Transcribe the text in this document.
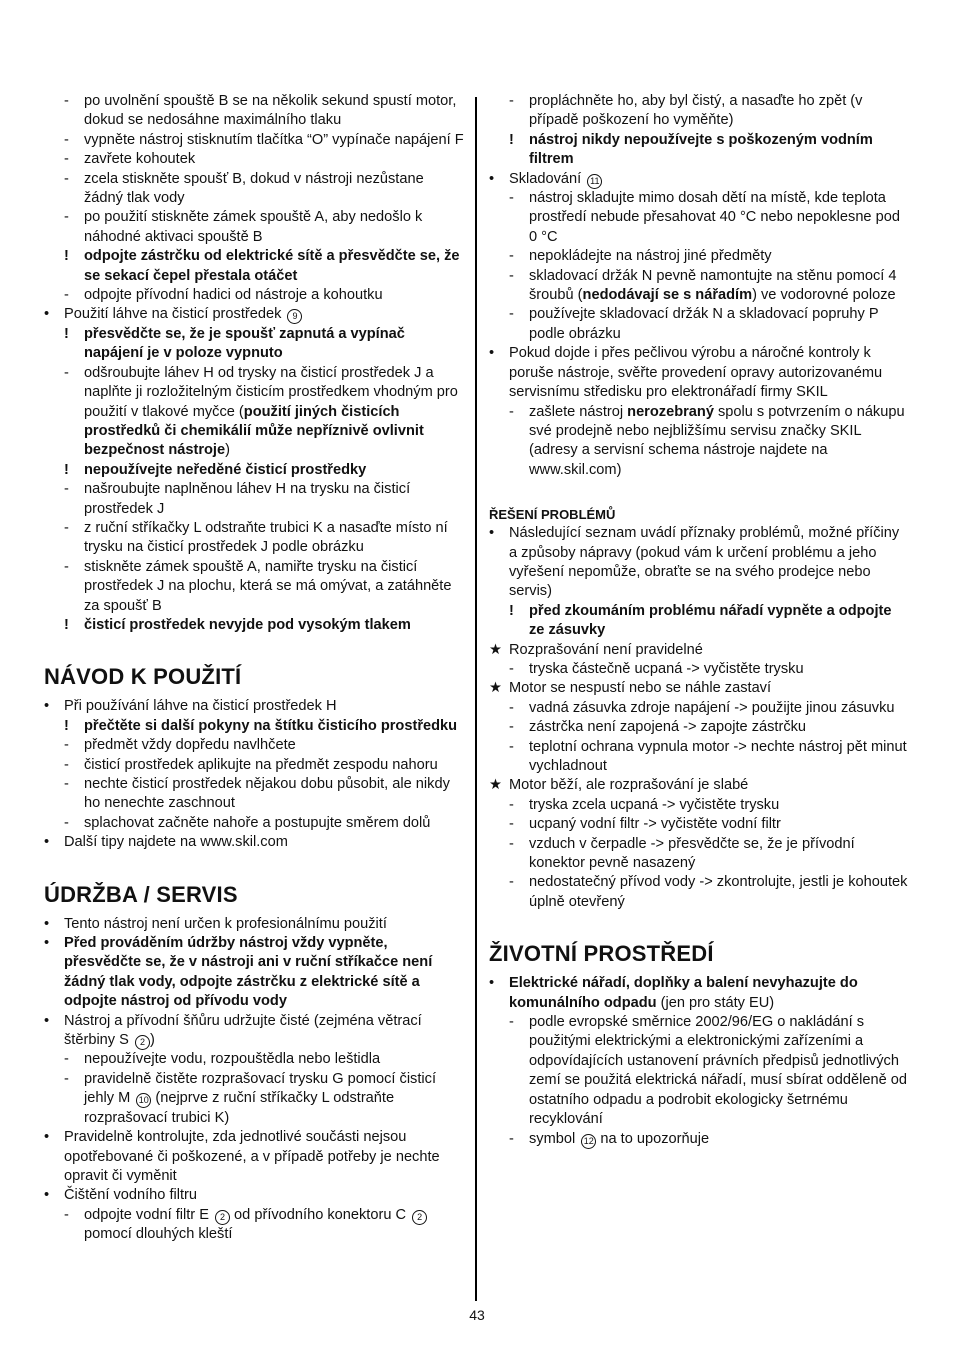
-	po uvolnění spouště B se na několik sekund spustí motor, dokud se nedosáhne maximálního tlaku
-	vypněte nástroj stisknutím tlačítka “O” vypínače napájení F
-	zavřete kohoutek
-	zcela stiskněte spoušť B, dokud v nástroji nezůstane žádný tlak vody
-	po použití stiskněte zámek spouště A, aby nedošlo k náhodné aktivaci spouště B
!	odpojte zástrčku od elektrické sítě a přesvědčte se, že se sekací čepel přestala otáčet
-	odpojte přívodní hadici od nástroje a kohoutku
•	Použití láhve na čisticí prostředek 9
!	přesvědčte se, že je spoušť zapnutá a vypínač napájení je v poloze vypnuto
-	odšroubujte láhev H od trysky na čisticí prostředek J a naplňte ji rozložitelným čisticím prostředkem vhodným pro použití v tlakové myčce (použití jiných čisticích prostředků či chemikálií může nepříznivě ovlivnit bezpečnost nástroje)
!	nepoužívejte neředěné čisticí prostředky
-	našroubujte naplněnou láhev H na trysku na čisticí prostředek J
-	z ruční stříkačky L odstraňte trubici K a nasaďte místo ní trysku na čisticí prostředek J podle obrázku
-	stiskněte zámek spouště A, namiřte trysku na čisticí prostředek J na plochu, která se má omývat, a zatáhněte za spoušť B
!	čisticí prostředek nevyjde pod vysokým tlakem
NÁVOD K POUŽITÍ
•	Při používání láhve na čisticí prostředek H
!	přečtěte si další pokyny na štítku čisticího prostředku
-	předmět vždy dopředu navlhčete
-	čisticí prostředek aplikujte na předmět zespodu nahoru
-	nechte čisticí prostředek nějakou dobu působit, ale nikdy ho nenechte zaschnout
-	splachovat začněte nahoře a postupujte směrem dolů
•	Další tipy najdete na www.skil.com
ÚDRŽBA / SERVIS
•	Tento nástroj není určen k profesionálnímu použití
•	Před prováděním údržby nástroj vždy vypněte, přesvědčte se, že v nástroji ani v ruční stříkačce není žádný tlak vody, odpojte zástrčku z elektrické sítě a odpojte nástroj od přívodu vody
•	Nástroj a přívodní šňůru udržujte čisté (zejména větrací štěrbiny S 2 )
-	nepoužívejte vodu, rozpouštědla nebo leštidla
-	pravidelně čistěte rozprašovací trysku G pomocí čisticí jehly M 10 (nejprve z ruční stříkačky L odstraňte rozprašovací trubici K)
•	Pravidelně kontrolujte, zda jednotlivé součásti nejsou opotřebované či poškozené, a v případě potřeby je nechte opravit či vyměnit
•	Čištění vodního filtru
-	odpojte vodní filtr E 2 od přívodního konektoru C 2 pomocí dlouhých kleští
-	propláchněte ho, aby byl čistý, a nasaďte ho zpět (v případě poškození ho vyměňte)
!	nástroj nikdy nepoužívejte s poškozeným vodním filtrem
•	Skladování 11
-	nástroj skladujte mimo dosah dětí na místě, kde teplota prostředí nebude přesahovat 40 °C nebo nepoklesne pod 0 °C
-	nepokládejte na nástroj jiné předměty
-	skladovací držák N pevně namontujte na stěnu pomocí 4 šroubů (nedodávají se s nářadím) ve vodorovné poloze
-	používejte skladovací držák N a skladovací popruhy P podle obrázku
•	Pokud dojde i přes pečlivou výrobu a náročné kontroly k poruše nástroje, svěřte provedení opravy autorizovanému servisnímu středisku pro elektronářadí firmy SKIL
-	zašlete nástroj nerozebraný spolu s potvrzením o nákupu své prodejně nebo nejbližšímu servisu značky SKIL (adresy a servisní schema nástroje najdete na www.skil.com)
ŘEŠENÍ PROBLÉMŮ
•	Následující seznam uvádí příznaky problémů, možné příčiny a způsoby nápravy (pokud vám k určení problému a jeho vyřešení nepomůže, obraťte se na svého prodejce nebo servis)
!	před zkoumáním problému nářadí vypněte a odpojte ze zásuvky
★ Rozprašování není pravidelné
-	tryska částečně ucpaná -> vyčistěte trysku
★ Motor se nespustí nebo se náhle zastaví
-	vadná zásuvka zdroje napájení -> použijte jinou zásuvku
-	zástrčka není zapojená -> zapojte zástrčku
-	teplotní ochrana vypnula motor -> nechte nástroj pět minut vychladnout
★ Motor běží, ale rozprašování je slabé
-	tryska zcela ucpaná -> vyčistěte trysku
-	ucpaný vodní filtr -> vyčistěte vodní filtr
-	vzduch v čerpadle -> přesvědčte se, že je přívodní konektor pevně nasazený
-	nedostatečný přívod vody -> zkontrolujte, jestli je kohoutek úplně otevřený
ŽIVOTNÍ PROSTŘEDÍ
•	Elektrické nářadí, doplňky a balení nevyhazujte do komunálního odpadu (jen pro státy EU)
-	podle evropské směrnice 2002/96/EG o nakládání s použitými elektrickými a elektronickými zařízeními a odpovídajících ustanovení právních předpisů jednotlivých zemí se použitá elektrická nářadí, musí sbírat odděleně od ostatního odpadu a podrobit ekologicky šetrnému recyklování
-	symbol 12 na to upozorňuje
43
